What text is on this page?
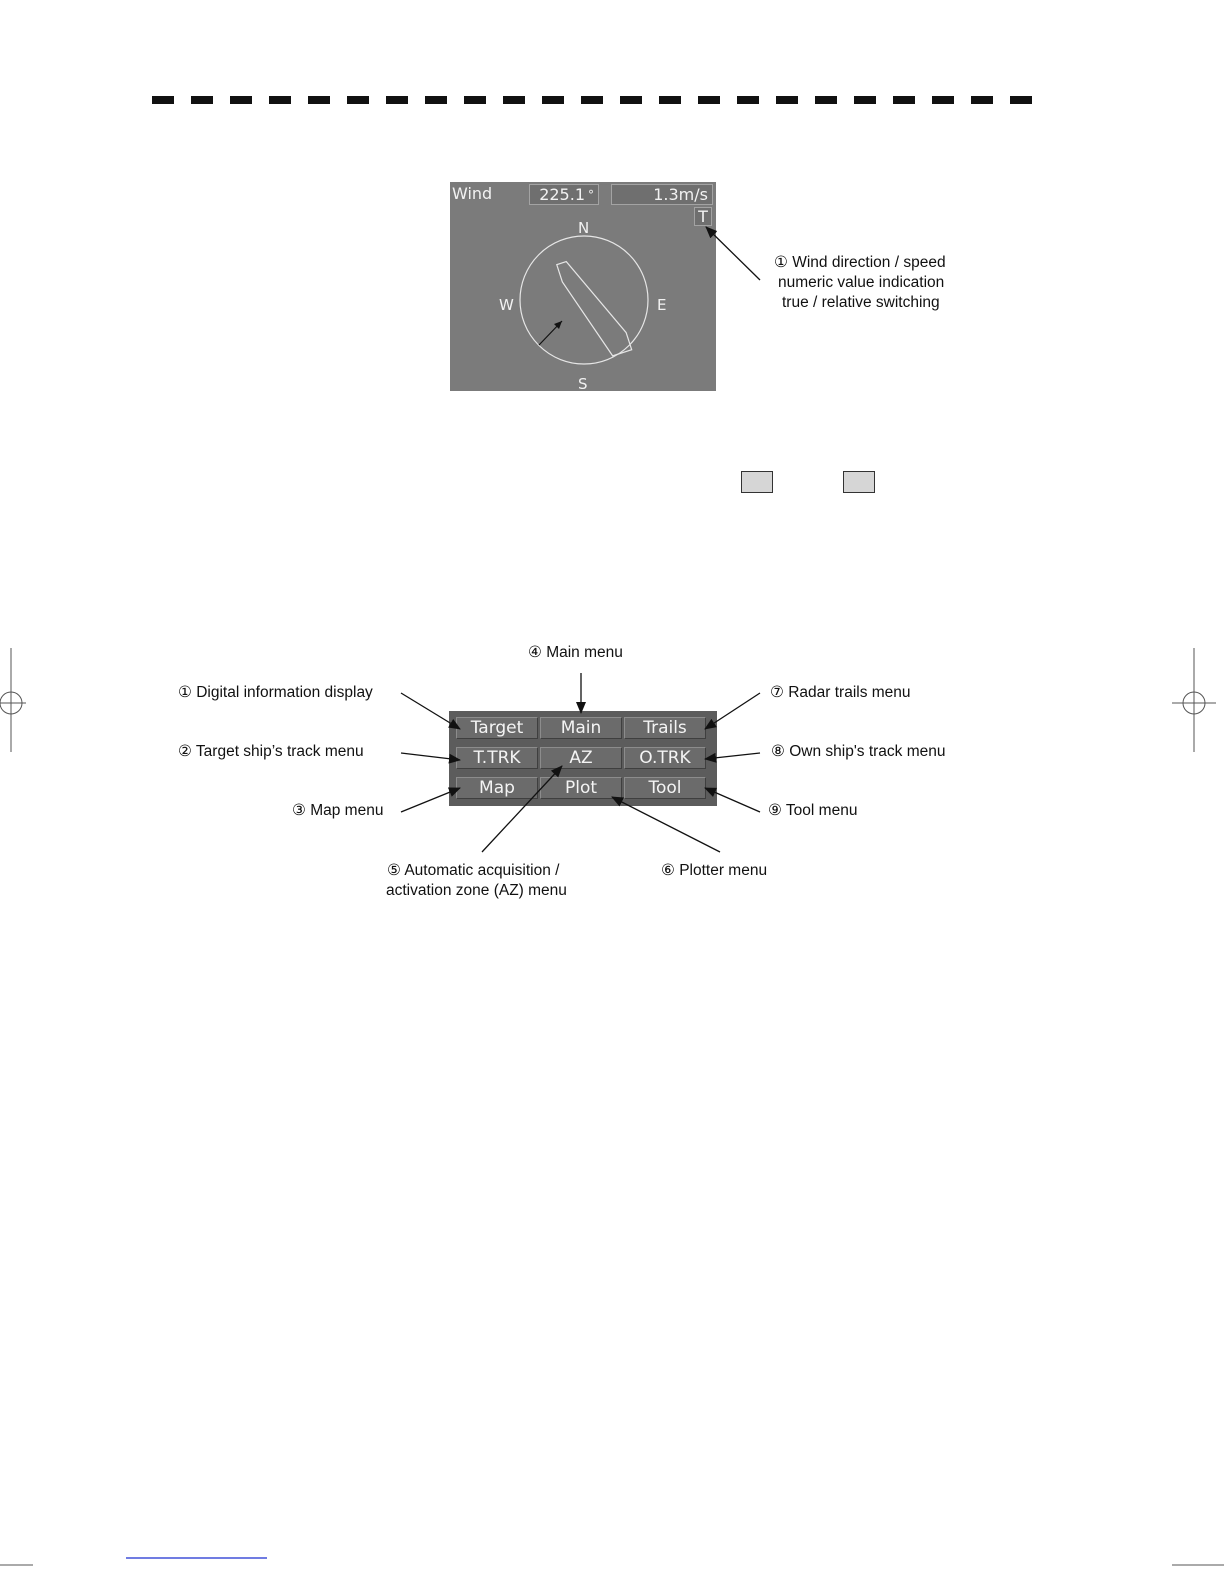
Wind	225.1 °	1.3m/s
T
N
E
S
W
① Wind direction / speed
numeric value indication
true / relative switching
Target	Main	Trails
T.TRK	AZ	O.TRK
Map	Plot	Tool
① Digital information display
② Target ship’s track menu
③ Map menu
④ Main menu
⑤ Automatic acquisition /
activation zone (AZ) menu
⑥ Plotter menu
⑦ Radar trails menu
⑧ Own ship's track menu
⑨ Tool menu
